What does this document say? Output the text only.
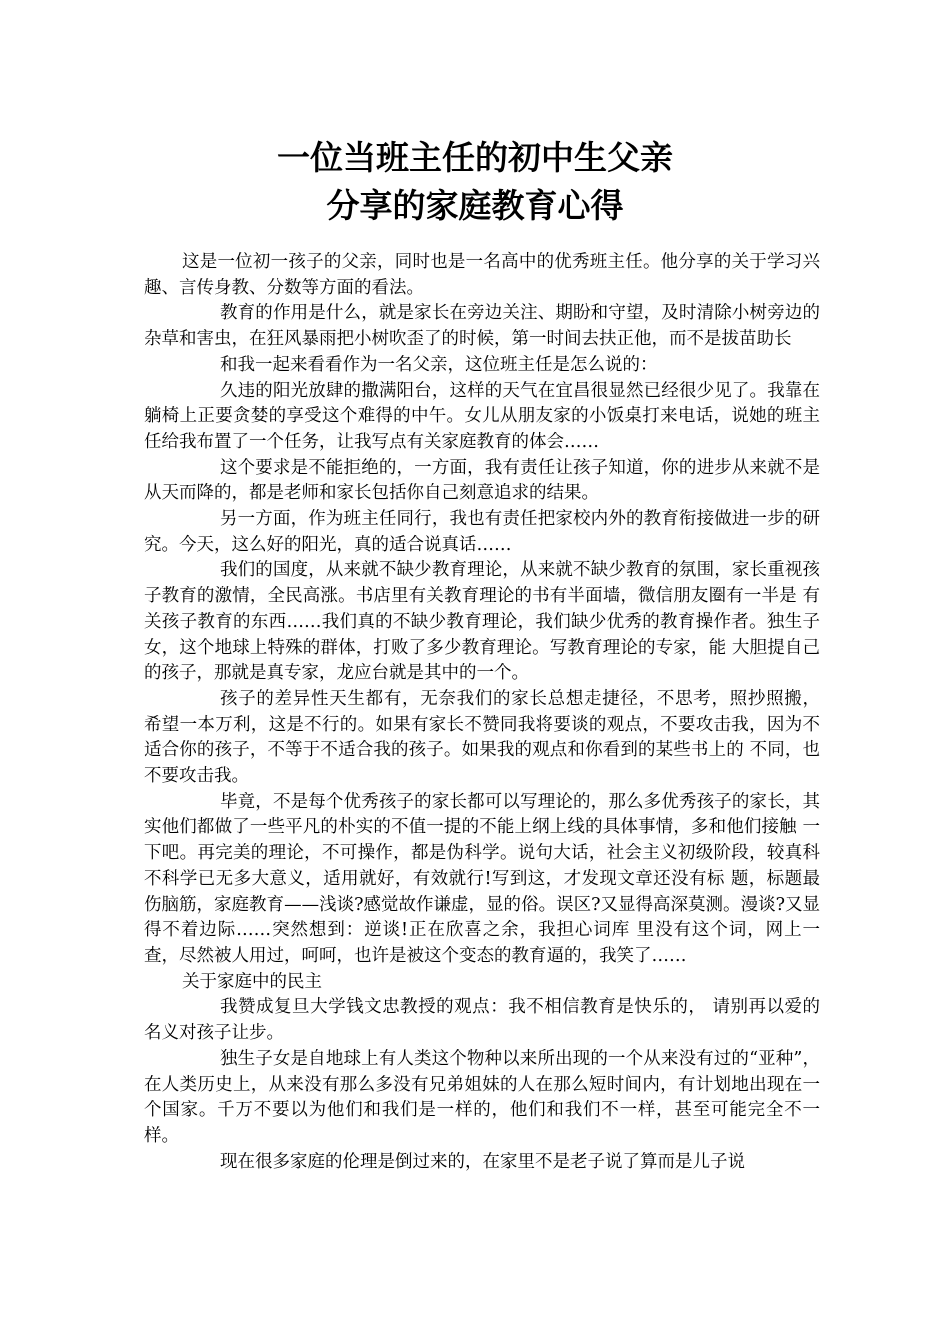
一位当班主任的初中生父亲
分享的家庭教育心得

这是一位初一孩子的父亲，同时也是一名高中的优秀班主任。他分享的关于学习兴趣、言传身教、分数等方面的看法。

教育的作用是什么，就是家长在旁边关注、期盼和守望，及时清除小树旁边的杂草和害虫，在狂风暴雨把小树吹歪了的时候，第一时间去扶正他，而不是拔苗助长

和我一起来看看作为一名父亲，这位班主任是怎么说的：

久违的阳光放肆的撒满阳台，这样的天气在宜昌很显然已经很少见了。我靠在躺椅上正要贪婪的享受这个难得的中午。女儿从朋友家的小饭桌打来电话，说她的班主任给我布置了一个任务，让我写点有关家庭教育的体会……

这个要求是不能拒绝的，一方面，我有责任让孩子知道，你的进步从来就不是从天而降的，都是老师和家长包括你自己刻意追求的结果。

另一方面，作为班主任同行，我也有责任把家校内外的教育衔接做进一步的研究。今天，这么好的阳光，真的适合说真话……

我们的国度，从来就不缺少教育理论，从来就不缺少教育的氛围，家长重视孩子教育的激情，全民高涨。书店里有关教育理论的书有半面墙，微信朋友圈有一半是 有关孩子教育的东西……我们真的不缺少教育理论，我们缺少优秀的教育操作者。独生子女，这个地球上特殊的群体，打败了多少教育理论。写教育理论的专家，能 大胆提自己的孩子，那就是真专家，龙应台就是其中的一个。

孩子的差异性天生都有，无奈我们的家长总想走捷径，不思考，照抄照搬， 希望一本万利，这是不行的。如果有家长不赞同我将要谈的观点，不要攻击我，因为不适合你的孩子，不等于不适合我的孩子。如果我的观点和你看到的某些书上的 不同，也不要攻击我。

毕竟，不是每个优秀孩子的家长都可以写理论的，那么多优秀孩子的家长，其实他们都做了一些平凡的朴实的不值一提的不能上纲上线的具体事情，多和他们接触 一下吧。再完美的理论，不可操作，都是伪科学。说句大话，社会主义初级阶段，较真科不科学已无多大意义，适用就好，有效就行!写到这，才发现文章还没有标 题，标题最伤脑筋，家庭教育——浅谈?感觉故作谦虚，显的俗。误区?又显得高深莫测。漫谈?又显得不着边际……突然想到：逆谈!正在欣喜之余，我担心词库 里没有这个词，网上一查，尽然被人用过，呵呵，也许是被这个变态的教育逼的，我笑了……

关于家庭中的民主

我赞成复旦大学钱文忠教授的观点：我不相信教育是快乐的， 请别再以爱的名义对孩子让步。

独生子女是自地球上有人类这个物种以来所出现的一个从来没有过的“亚种”，在人类历史上，从来没有那么多没有兄弟姐妹的人在那么短时间内，有计划地出现在一个国家。千万不要以为他们和我们是一样的，他们和我们不一样，甚至可能完全不一样。

现在很多家庭的伦理是倒过来的，在家里不是老子说了算而是儿子说
